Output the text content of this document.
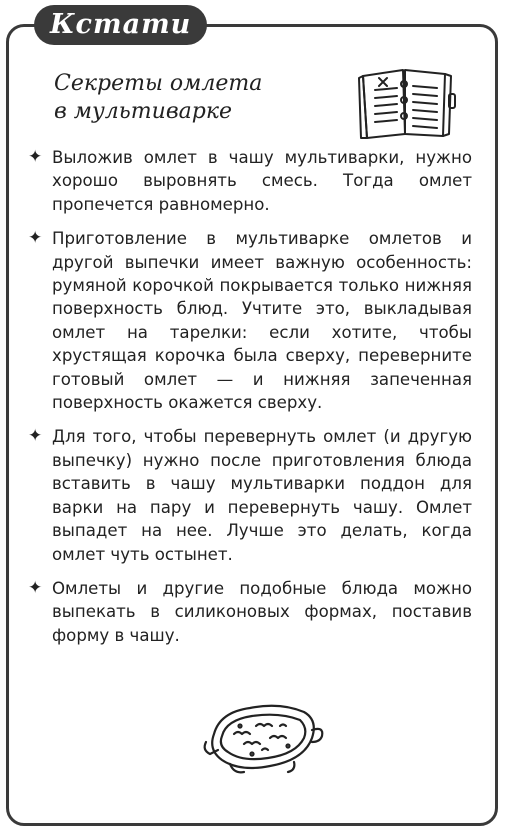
Кстати
Секреты омлета
в мультиварке
✦ Выложив омлет в чашу мультиварки, нужно хорошо выровнять смесь. Тогда омлет пропечется равномерно.
✦ Приготовление в мультиварке омлетов и другой выпечки имеет важную особенность: румяной корочкой покрывается только нижняя поверхность блюд. Учтите это, выкладывая омлет на тарелки: если хотите, чтобы хрустящая корочка была сверху, переверните готовый омлет — и нижняя запеченная поверхность окажется сверху.
✦ Для того, чтобы перевернуть омлет (и другую выпечку) нужно после приготовления блюда вставить в чашу мультиварки поддон для варки на пару и перевернуть чашу. Омлет выпадет на нее. Лучше это делать, когда омлет чуть остынет.
✦ Омлеты и другие подобные блюда можно выпекать в силиконовых формах, поставив форму в чашу.
